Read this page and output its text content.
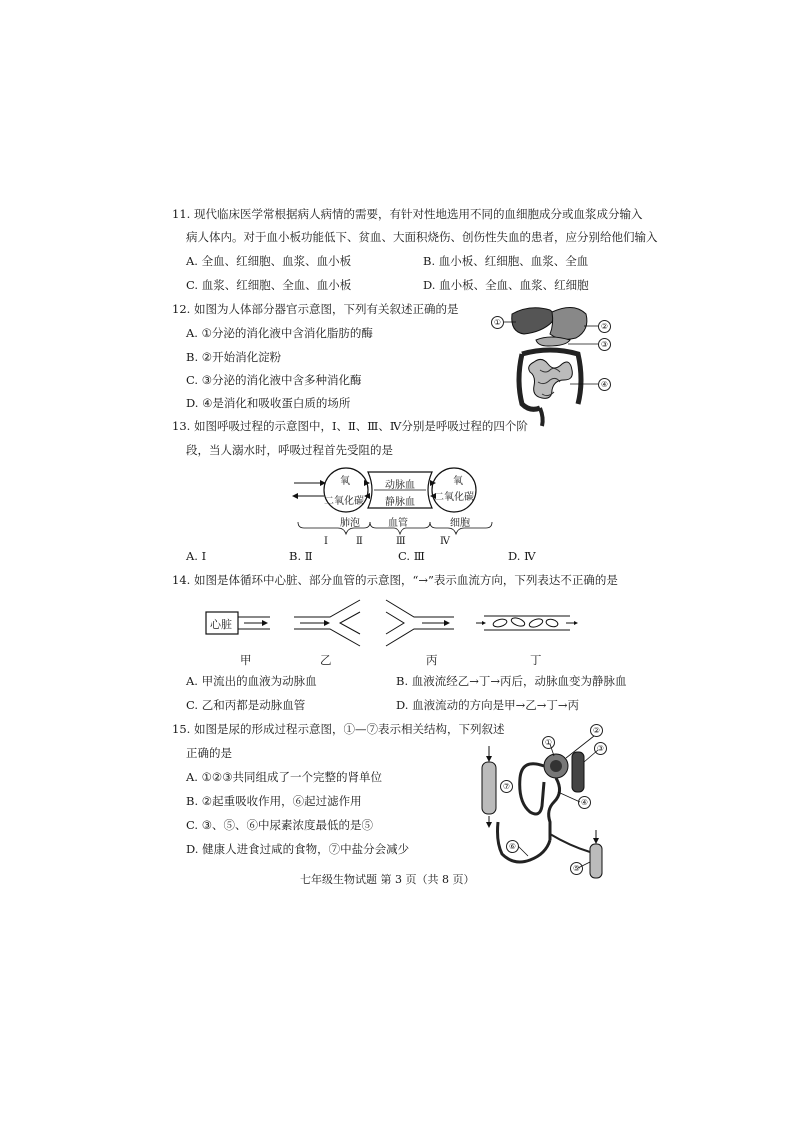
11. 现代临床医学常根据病人病情的需要，有针对性地选用不同的血细胞成分或血浆成分输入
病人体内。对于血小板功能低下、贫血、大面积烧伤、创伤性失血的患者，应分别给他们输入
A. 全血、红细胞、血浆、血小板	B. 血小板、红细胞、血浆、全血
C. 血浆、红细胞、全血、血小板	D. 血小板、全血、血浆、红细胞
12. 如图为人体部分器官示意图，下列有关叙述正确的是
A. ①分泌的消化液中含消化脂肪的酶
B. ②开始消化淀粉
C. ③分泌的消化液中含多种消化酶
D. ④是消化和吸收蛋白质的场所
①	②
③
④
13. 如图呼吸过程的示意图中，Ⅰ、Ⅱ、Ⅲ、Ⅳ分别是呼吸过程的四个阶
段，当人溺水时，呼吸过程首先受阻的是
氧
二氧化碳
动脉血
静脉血
氧
二氧化碳
肺泡	血管	细胞
Ⅰ	Ⅱ	Ⅲ	Ⅳ
A. Ⅰ	B. Ⅱ	C. Ⅲ	D. Ⅳ
14. 如图是体循环中心脏、部分血管的示意图，“→”表示血流方向，下列表达不正确的是
心脏
甲	乙	丙	丁
A. 甲流出的血液为动脉血	B. 血液流经乙→丁→丙后，动脉血变为静脉血
C. 乙和丙都是动脉血管	D. 血液流动的方向是甲→乙→丁→丙
15. 如图是尿的形成过程示意图，①—⑦表示相关结构，下列叙述
正确的是
A. ①②③共同组成了一个完整的肾单位
B. ②起重吸收作用，⑥起过滤作用
C. ③、⑤、⑥中尿素浓度最低的是⑤
D. 健康人进食过咸的食物，⑦中盐分会减少
①
②
③
④
⑤
⑥
⑦
七年级生物试题 第 3 页（共 8 页）
